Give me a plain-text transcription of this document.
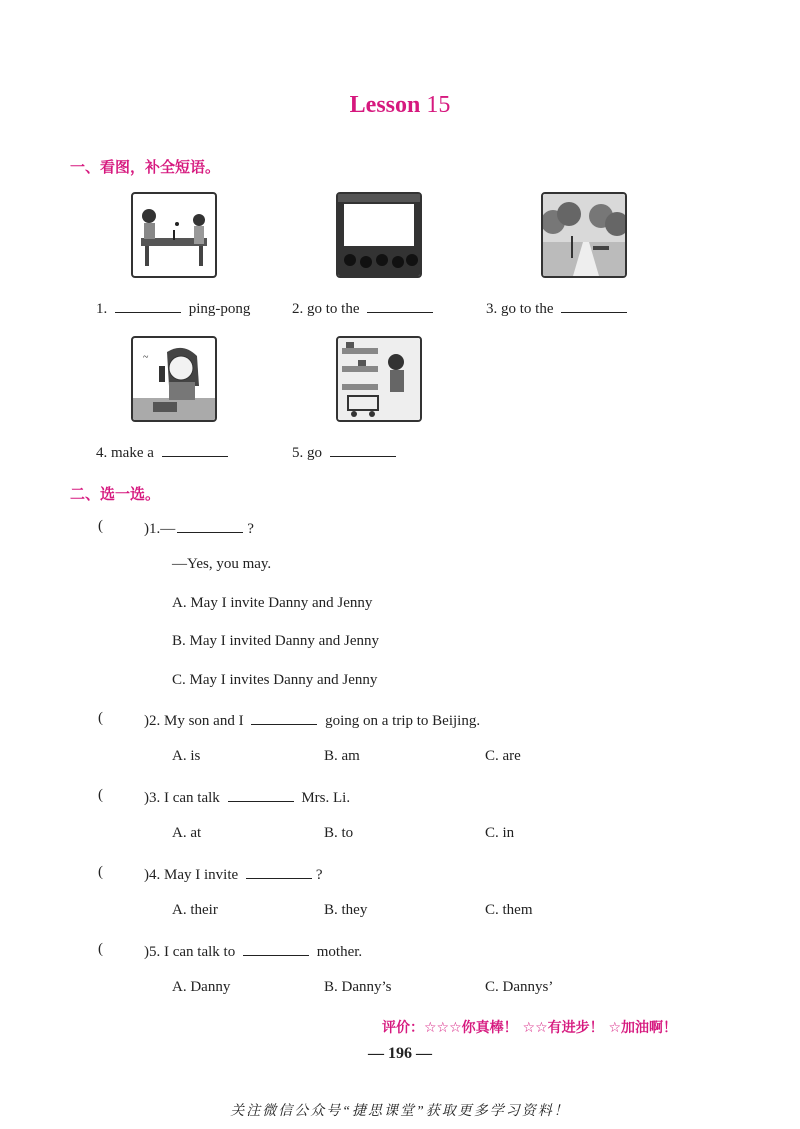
Lesson 15
一、看图，补全短语。
1.	ping-pong	2. go to the	3. go to the
~
4. make a	5. go
二、选一选。
(	)1.—	?
—Yes, you may.
A. May I invite Danny and Jenny
B. May I invited Danny and Jenny
C. May I invites Danny and Jenny
(	)2. My son and I	going on a trip to Beijing.
A. is	B. am	C. are
(	)3. I can talk	Mrs. Li.
A. at	B. to	C. in
(	)4. May I invite	?
A. their	B. they	C. them
(	)5. I can talk to	mother.
A. Danny	B. Danny’s	C. Dannys’
评价：☆☆☆你真棒！ ☆☆有进步！ ☆加油啊！
— 196 —
关注微信公众号“捷思课堂”获取更多学习资料！
